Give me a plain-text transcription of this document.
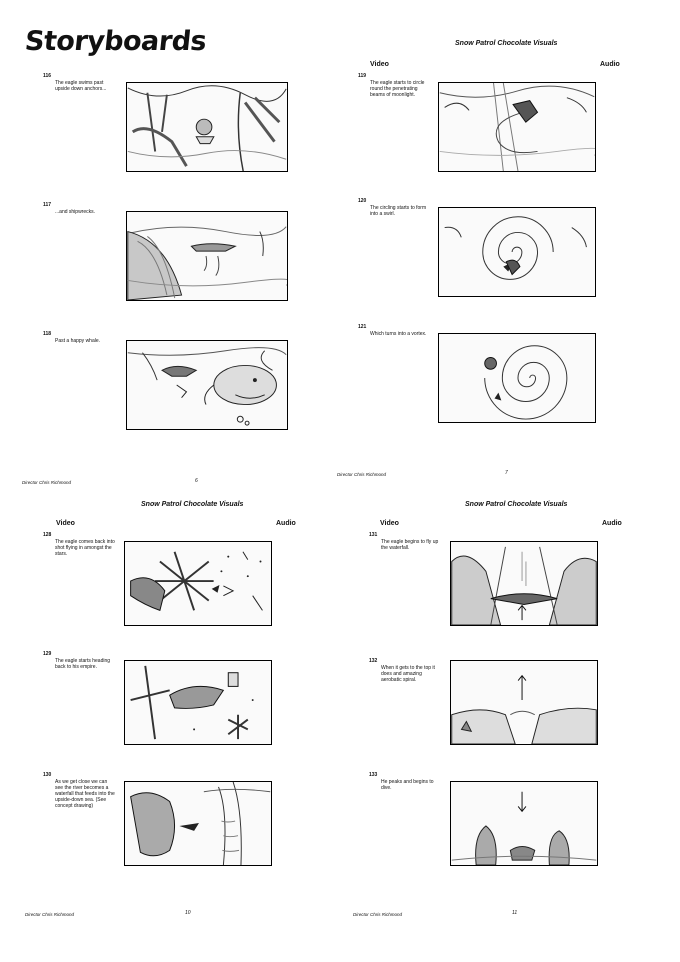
Storyboards
116
The eagle swims past upside down anchors...
117
...and shipwrecks.
118
Past a happy whale.
Director Chris Richmond	6
Snow Patrol Chocolate Visuals
Video	Audio
119
The eagle starts to circle round the penetrating beams of moonlight.
120
The circling starts to form into a swirl.
121
Which turns into a vortex.
Director Chris Richmond	7
Snow Patrol Chocolate Visuals
Video	Audio
128
The eagle comes back into shot flying in amongst the stars.
129
The eagle starts heading back to his empire.
130
As we get close we can see the river becomes a waterfall that feeds into the upside-down sea. (See concept drawing)
Director Chris Richmond	10
Snow Patrol Chocolate Visuals
Video	Audio
131
The eagle begins to fly up the waterfall.
132
When it gets to the top it does and amazing aerobatic spiral.
133
He peaks and begins to dive.
Director Chris Richmond	11
